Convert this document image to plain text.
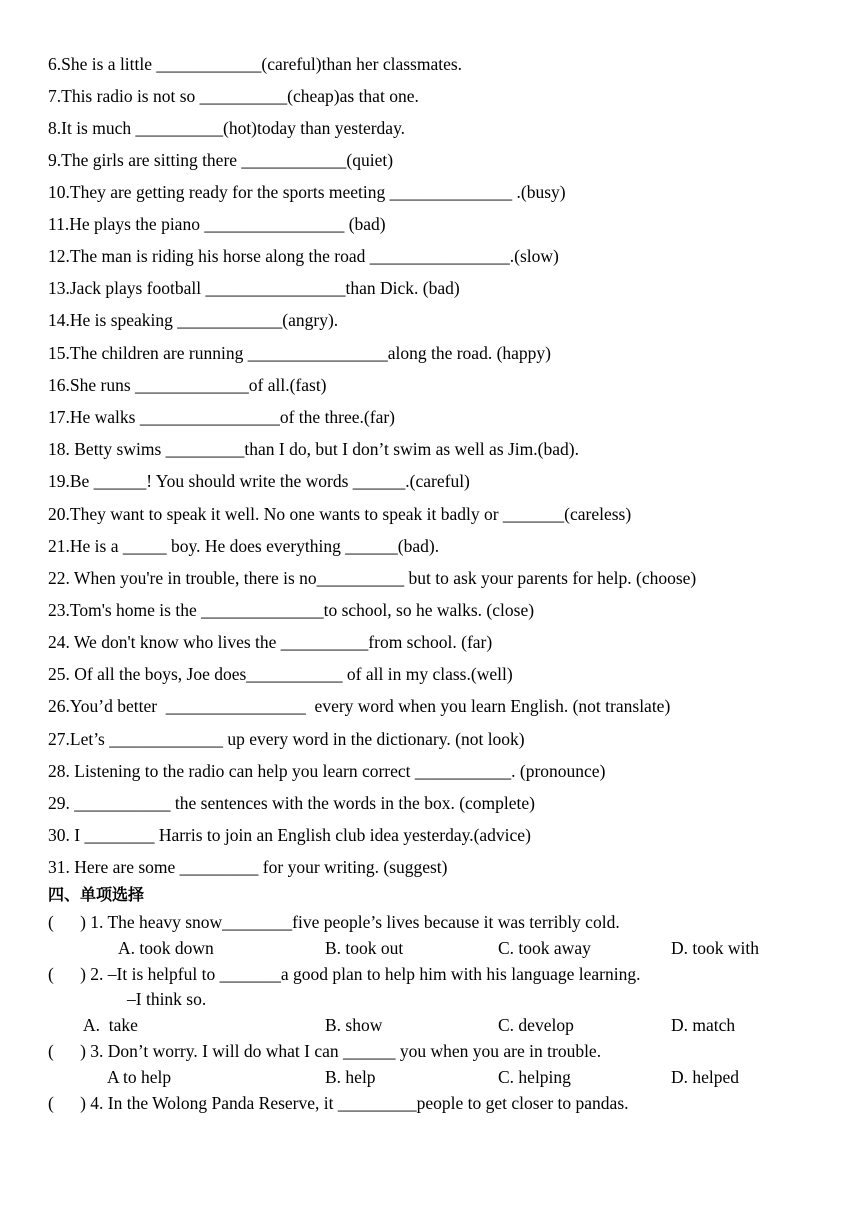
6.She is a little ____________(careful)than her classmates.
7.This radio is not so __________(cheap)as that one.
8.It is much __________(hot)today than yesterday.
9.The girls are sitting there ____________(quiet)
10.They are getting ready for the sports meeting ______________ .(busy)
11.He plays the piano ________________ (bad)
12.The man is riding his horse along the road ________________.(slow)
13.Jack plays football ________________than Dick. (bad)
14.He is speaking ____________(angry).
15.The children are running ________________along the road. (happy)
16.She runs _____________of all.(fast)
17.He walks ________________of the three.(far)
18. Betty swims _________than I do, but I don’t swim as well as Jim.(bad).
19.Be ______! You should write the words ______.(careful)
20.They want to speak it well. No one wants to speak it badly or _______(careless)
21.He is a _____ boy. He does everything ______(bad).
22. When you're in trouble, there is no__________ but to ask your parents for help. (choose)
23.Tom's home is the ______________to school, so he walks. (close)
24. We don't know who lives the __________from school. (far)
25. Of all the boys, Joe does___________ of all in my class.(well)
26.You’d better  ________________  every word when you learn English. (not translate)
27.Let’s _____________ up every word in the dictionary. (not look)
28. Listening to the radio can help you learn correct ___________. (pronounce)
29. ___________ the sentences with the words in the box. (complete)
30. I ________ Harris to join an English club idea yesterday.(advice)
31. Here are some _________ for your writing. (suggest)
四、单项选择
(      ) 1. The heavy snow________five people’s lives because it was terribly cold.
A. took down	B. took out	C. took away	D. took with
(      ) 2. –It is helpful to _______a good plan to help him with his language learning.
–I think so.
A.  take	B. show	C. develop	D. match
(      ) 3. Don’t worry. I will do what I can ______ you when you are in trouble.
A to help	B. help	C. helping	D. helped
(      ) 4. In the Wolong Panda Reserve, it _________people to get closer to pandas.
